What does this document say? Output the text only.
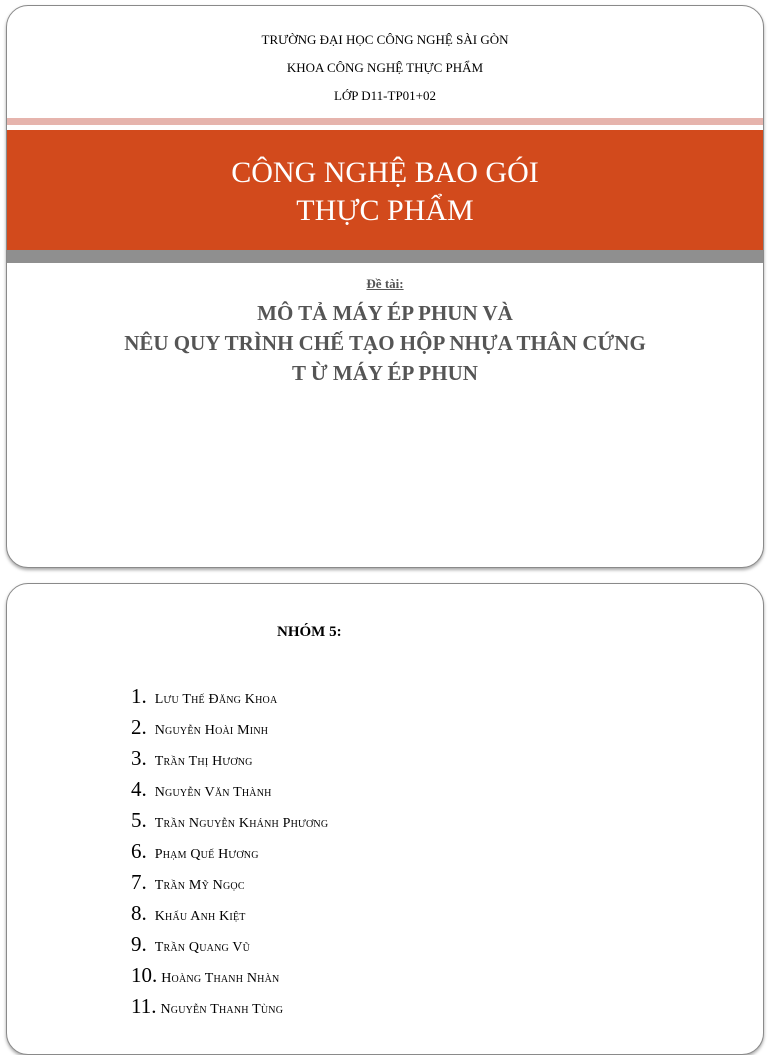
TRƯỜNG ĐẠI HỌC CÔNG NGHỆ SÀI GÒN
KHOA CÔNG NGHỆ THỰC PHẨM
LỚP D11-TP01+02
CÔNG NGHỆ BAO GÓI
THỰC PHẨM
Đề tài:
MÔ TẢ MÁY ÉP PHUN VÀ
NÊU QUY TRÌNH CHẾ TẠO HỘP NHỰA THÂN CỨNG
T Ừ MÁY ÉP PHUN
NHÓM 5:
1. Lưu Thế Đăng Khoa
2. Nguyễn Hoài Minh
3. Trần Thị Hương
4. Nguyễn Văn Thành
5. Trần Nguyễn Khánh Phương
6. Phạm Quế Hương
7. Trần Mỹ Ngọc
8. Khấu Anh Kiệt
9. Trần Quang Vũ
10. Hoàng Thanh Nhàn
11. Nguyễn Thanh Tùng
